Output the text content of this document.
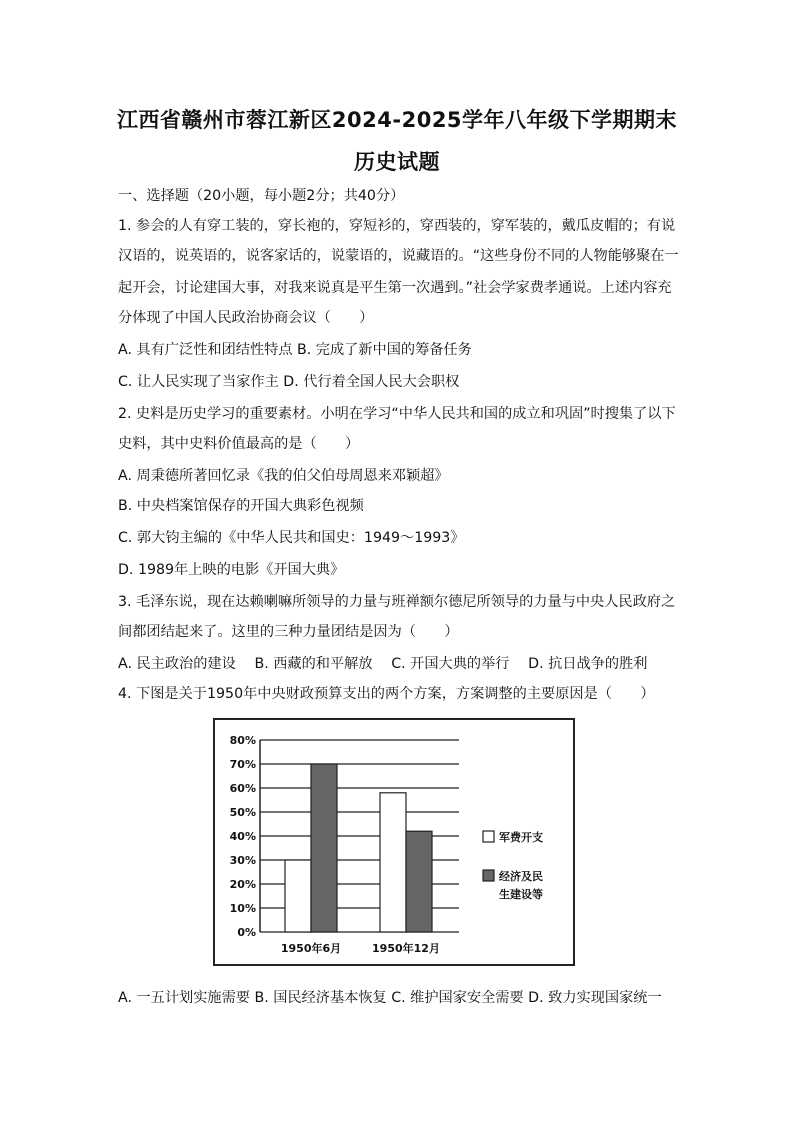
江西省赣州市蓉江新区2024-2025学年八年级下学期期末
历史试题
一、选择题（20小题，每小题2分；共40分）
1. 参会的人有穿工装的，穿长袍的，穿短衫的，穿西装的，穿军装的，戴瓜皮帽的；有说
汉语的，说英语的，说客家话的，说蒙语的，说藏语的。“这些身份不同的人物能够聚在一
起开会，讨论建国大事，对我来说真是平生第一次遇到。”社会学家费孝通说。上述内容充
分体现了中国人民政治协商会议（　　）
A. 具有广泛性和团结性特点 B. 完成了新中国的筹备任务
C. 让人民实现了当家作主 D. 代行着全国人民大会职权
2. 史料是历史学习的重要素材。小明在学习“中华人民共和国的成立和巩固”时搜集了以下
史料，其中史料价值最高的是（　　）
A. 周秉德所著回忆录《我的伯父伯母周恩来邓颖超》
B. 中央档案馆保存的开国大典彩色视频
C. 郭大钧主编的《中华人民共和国史：1949～1993》
D. 1989年上映的电影《开国大典》
3. 毛泽东说，现在达赖喇嘛所领导的力量与班禅额尔德尼所领导的力量与中央人民政府之
间都团结起来了。这里的三种力量团结是因为（　　）
A. 民主政治的建设　 B. 西藏的和平解放　 C. 开国大典的举行　 D. 抗日战争的胜利
4. 下图是关于1950年中央财政预算支出的两个方案，方案调整的主要原因是（　　）
0%
10%
20%
30%
40%
50%
60%
70%
80%
1950年6月	1950年12月
军费开支
经济及民
生建设等
A. 一五计划实施需要 B. 国民经济基本恢复 C. 维护国家安全需要 D. 致力实现国家统一
